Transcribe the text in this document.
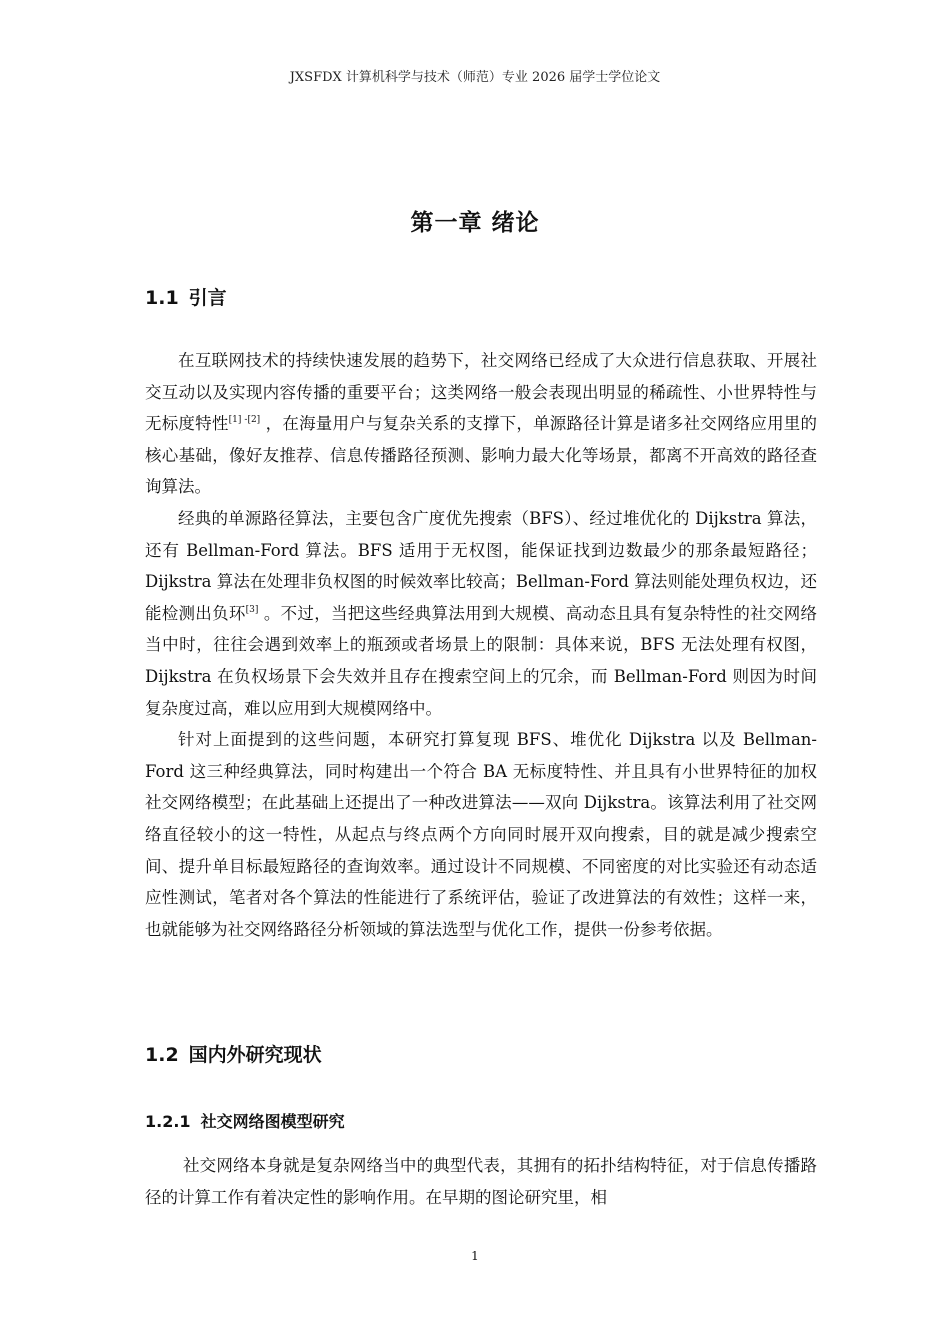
JXSFDX 计算机科学与技术（师范）专业 2026 届学士学位论文
第一章 绪论
1.1 引言

在互联网技术的持续快速发展的趋势下，社交网络已经成了大众进行信息获取、开展社交互动以及实现内容传播的重要平台；这类网络一般会表现出明显的稀疏性、小世界特性与无标度特性[1] -[2] ，在海量用户与复杂关系的支撑下，单源路径计算是诸多社交网络应用里的核心基础，像好友推荐、信息传播路径预测、影响力最大化等场景，都离不开高效的路径查询算法。

经典的单源路径算法，主要包含广度优先搜索（BFS）、经过堆优化的 Dijkstra 算法，还有 Bellman-Ford 算法。BFS 适用于无权图，能保证找到边数最少的那条最短路径；Dijkstra 算法在处理非负权图的时候效率比较高；Bellman-Ford 算法则能处理负权边，还能检测出负环[3] 。不过，当把这些经典算法用到大规模、高动态且具有复杂特性的社交网络当中时，往往会遇到效率上的瓶颈或者场景上的限制：具体来说，BFS 无法处理有权图，Dijkstra 在负权场景下会失效并且存在搜索空间上的冗余，而 Bellman-Ford 则因为时间复杂度过高，难以应用到大规模网络中。

针对上面提到的这些问题，本研究打算复现 BFS、堆优化 Dijkstra 以及 Bellman-Ford 这三种经典算法，同时构建出一个符合 BA 无标度特性、并且具有小世界特征的加权社交网络模型；在此基础上还提出了一种改进算法——双向 Dijkstra。该算法利用了社交网络直径较小的这一特性，从起点与终点两个方向同时展开双向搜索，目的就是减少搜索空间、提升单目标最短路径的查询效率。通过设计不同规模、不同密度的对比实验还有动态适应性测试，笔者对各个算法的性能进行了系统评估，验证了改进算法的有效性；这样一来，也就能够为社交网络路径分析领域的算法选型与优化工作，提供一份参考依据。

1.2 国内外研究现状
1.2.1 社交网络图模型研究

社交网络本身就是复杂网络当中的典型代表，其拥有的拓扑结构特征，对于信息传播路径的计算工作有着决定性的影响作用。在早期的图论研究里，相

1
